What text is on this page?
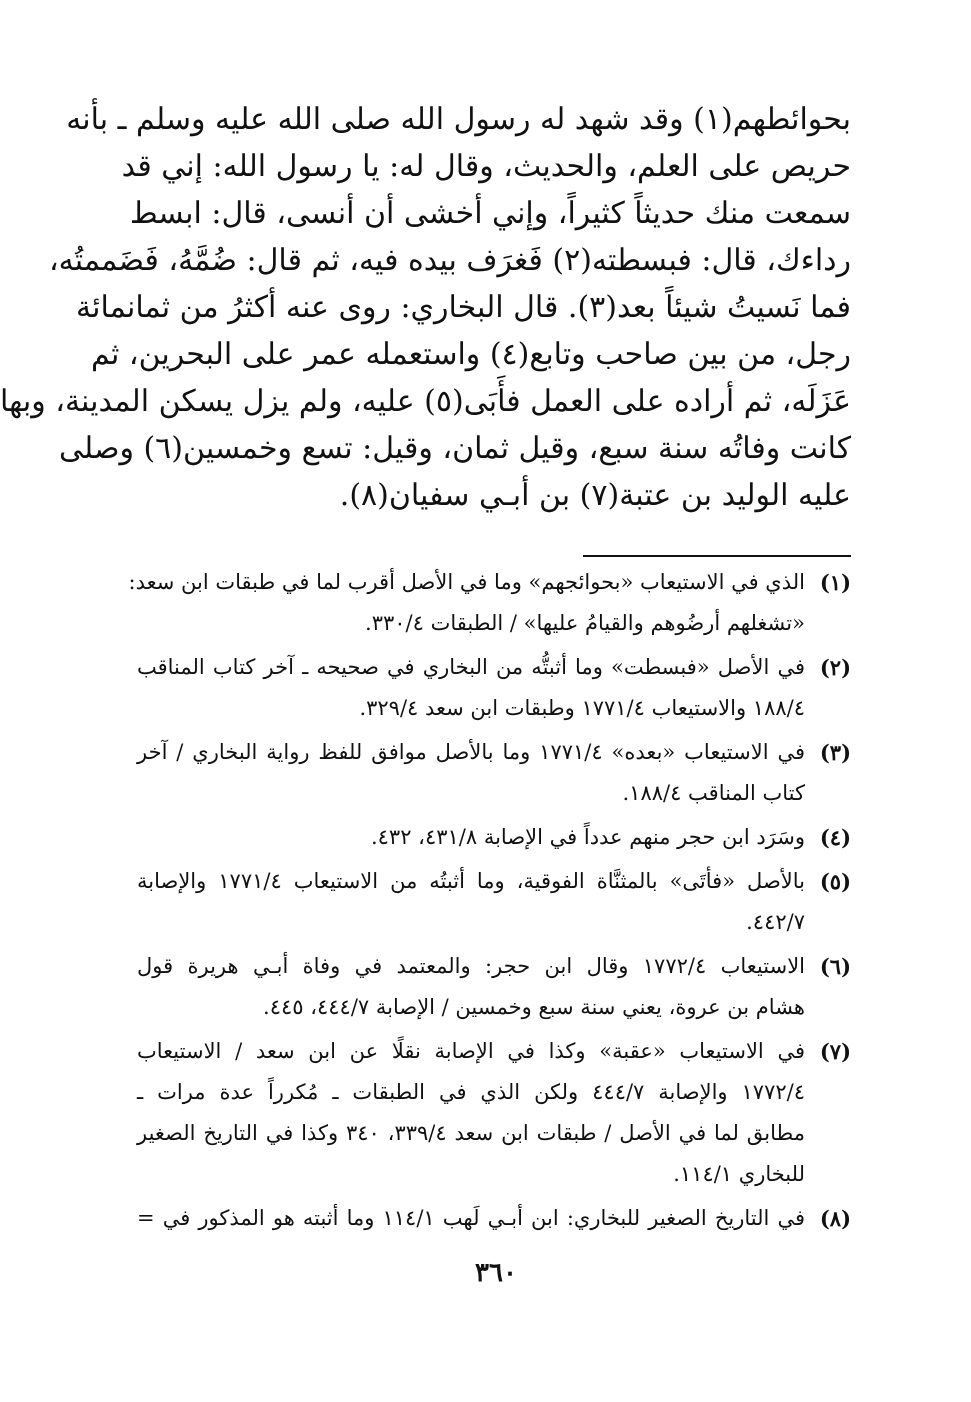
بحوائطهم(١) وقد شهد له رسول الله صلى الله عليه وسلم ـ بأنه
حريص على العلم، والحديث، وقال له: يا رسول الله: إني قد
سمعت منك حديثاً كثيراً، وإني أخشى أن أنسى، قال: ابسط
رداءك، قال: فبسطته(٢) فَغرَف بيده فيه، ثم قال: ضُمَّهُ، فَضَممتُه،
فما نَسيتُ شيئاً بعد(٣). قال البخاري: روى عنه أكثرُ من ثمانمائة
رجل، من بين صاحب وتابع(٤) واستعمله عمر على البحرين، ثم
عَزَلَه، ثم أراده على العمل فأَبَى(٥) عليه، ولم يزل يسكن المدينة، وبها
كانت وفاتُه سنة سبع، وقيل ثمان، وقيل: تسع وخمسين(٦) وصلى
عليه الوليد بن عتبة(٧) بن أبـي سفيان(٨).
(١)
الذي في الاستيعاب «بحوائجهم» وما في الأصل أقرب لما في طبقات ابن سعد:
«تشغلهم أرضُوهم والقيامُ عليها» / الطبقات ٣٣٠/٤.
(٢)
في الأصل «فبسطت» وما أثبتُّه من البخاري في صحيحه ـ آخر كتاب المناقب
١٨٨/٤ والاستيعاب ١٧٧١/٤ وطبقات ابن سعد ٣٢٩/٤.
(٣)
في الاستيعاب «بعده» ١٧٧١/٤ وما بالأصل موافق للفظ رواية البخاري / آخر
كتاب المناقب ١٨٨/٤.
(٤)
وسَرَد ابن حجر منهم عدداً في الإصابة ٤٣١/٨، ٤٣٢.
(٥)
بالأصل «فأتَى» بالمثنَّاة الفوقية، وما أثبتُه من الاستيعاب ١٧٧١/٤ والإصابة
٤٤٢/٧.
(٦)
الاستيعاب ١٧٧٢/٤ وقال ابن حجر: والمعتمد في وفاة أبـي هريرة قول
هشام بن عروة، يعني سنة سبع وخمسين / الإصابة ٤٤٤/٧، ٤٤٥.
(٧)
في الاستيعاب «عقبة» وكذا في الإصابة نقلًا عن ابن سعد / الاستيعاب
١٧٧٢/٤ والإصابة ٤٤٤/٧ ولكن الذي في الطبقات ـ مُكرراً عدة مرات ـ
مطابق لما في الأصل / طبقات ابن سعد ٣٣٩/٤، ٣٤٠ وكذا في التاريخ الصغير
للبخاري ١١٤/١.
(٨)
في التاريخ الصغير للبخاري: ابن أبـي لَهب ١١٤/١ وما أثبته هو المذكور في =
٣٦٠
